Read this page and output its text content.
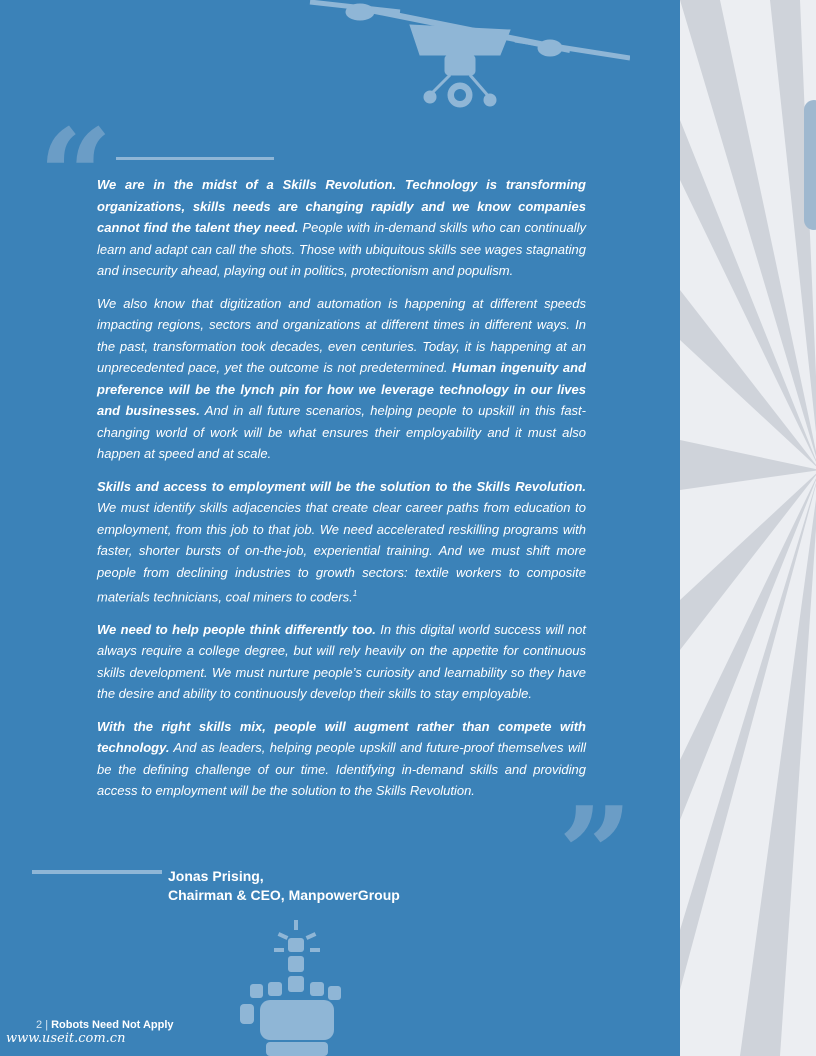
“

We are in the midst of a Skills Revolution. Technology is transforming organizations, skills needs are changing rapidly and we know companies cannot find the talent they need. People with in-demand skills who can continually learn and adapt can call the shots. Those with ubiquitous skills see wages stagnating and insecurity ahead, playing out in politics, protectionism and populism.

We also know that digitization and automation is happening at different speeds impacting regions, sectors and organizations at different times in different ways. In the past, transformation took decades, even centuries. Today, it is happening at an unprecedented pace, yet the outcome is not predetermined. Human ingenuity and preference will be the lynch pin for how we leverage technology in our lives and businesses. And in all future scenarios, helping people to upskill in this fast-changing world of work will be what ensures their employability and it must also happen at speed and at scale.

Skills and access to employment will be the solution to the Skills Revolution. We must identify skills adjacencies that create clear career paths from education to employment, from this job to that job. We need accelerated reskilling programs with faster, shorter bursts of on-the-job, experiential training. And we must shift more people from declining industries to growth sectors: textile workers to composite materials technicians, coal miners to coders.$^1$

We need to help people think differently too. In this digital world success will not always require a college degree, but will rely heavily on the appetite for continuous skills development. We must nurture people’s curiosity and learnability so they have the desire and ability to continuously develop their skills to stay employable.

With the right skills mix, people will augment rather than compete with technology. And as leaders, helping people upskill and future-proof themselves will be the defining challenge of our time. Identifying in-demand skills and providing access to employment will be the solution to the Skills Revolution. ”
Jonas Prising,
Chairman & CEO, ManpowerGroup
2 | Robots Need Not Apply
www.useit.com.cn
